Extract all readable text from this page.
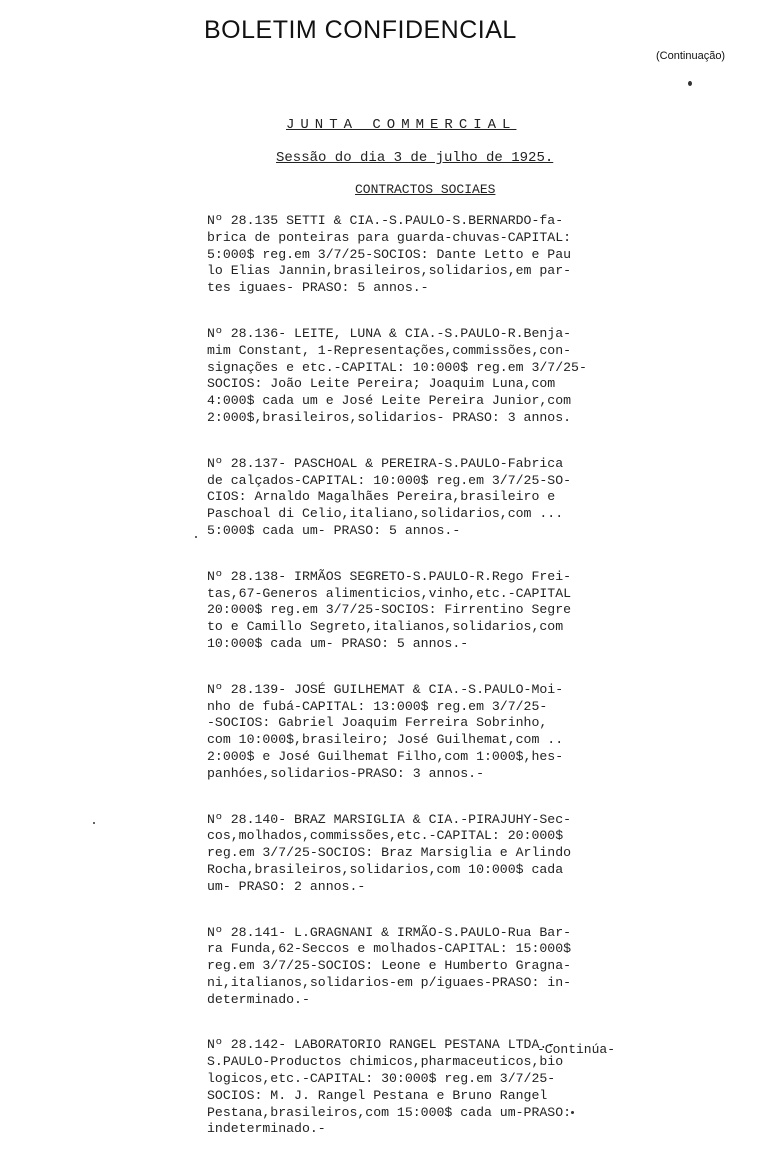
BOLETIM CONFIDENCIAL
(Continuação)
JUNTA COMMERCIAL
Sessão do dia 3 de julho de 1925.
CONTRACTOS SOCIAES
Nº 28.135 SETTI & CIA.-S.PAULO-S.BERNARDO-fa-
brica de ponteiras para guarda-chuvas-CAPITAL:
5:000$ reg.em 3/7/25-SOCIOS: Dante Letto e Pau
lo Elias Jannin,brasileiros,solidarios,em par-
tes iguaes- PRASO: 5 annos.-
Nº 28.136- LEITE, LUNA & CIA.-S.PAULO-R.Benja-
mim Constant, 1-Representações,commissões,con-
signações e etc.-CAPITAL: 10:000$ reg.em 3/7/25-
SOCIOS: João Leite Pereira; Joaquim Luna,com
4:000$ cada um e José Leite Pereira Junior,com
2:000$,brasileiros,solidarios- PRASO: 3 annos.
Nº 28.137- PASCHOAL & PEREIRA-S.PAULO-Fabrica
de calçados-CAPITAL: 10:000$ reg.em 3/7/25-SO-
CIOS: Arnaldo Magalhães Pereira,brasileiro e
Paschoal di Celio,italiano,solidarios,com ...
5:000$ cada um- PRASO: 5 annos.-
Nº 28.138- IRMÃOS SEGRETO-S.PAULO-R.Rego Frei-
tas,67-Generos alimenticios,vinho,etc.-CAPITAL
20:000$ reg.em 3/7/25-SOCIOS: Firrentino Segre
to e Camillo Segreto,italianos,solidarios,com
10:000$ cada um- PRASO: 5 annos.-
Nº 28.139- JOSÉ GUILHEMAT & CIA.-S.PAULO-Moi-
nho de fubá-CAPITAL: 13:000$ reg.em 3/7/25-
-SOCIOS: Gabriel Joaquim Ferreira Sobrinho,
com 10:000$,brasileiro; José Guilhemat,com ..
2:000$ e José Guilhemat Filho,com 1:000$,hes-
panhóes,solidarios-PRASO: 3 annos.-
Nº 28.140- BRAZ MARSIGLIA & CIA.-PIRAJUHY-Sec-
cos,molhados,commissões,etc.-CAPITAL: 20:000$
reg.em 3/7/25-SOCIOS: Braz Marsiglia e Arlindo
Rocha,brasileiros,solidarios,com 10:000$ cada
um- PRASO: 2 annos.-
Nº 28.141- L.GRAGNANI & IRMÃO-S.PAULO-Rua Bar-
ra Funda,62-Seccos e molhados-CAPITAL: 15:000$
reg.em 3/7/25-SOCIOS: Leone e Humberto Gragna-
ni,italianos,solidarios-em p/iguaes-PRASO: in-
determinado.-
Nº 28.142- LABORATORIO RANGEL PESTANA LTDA.-
S.PAULO-Productos chimicos,pharmaceuticos,bio
logicos,etc.-CAPITAL: 30:000$ reg.em 3/7/25-
SOCIOS: M. J. Rangel Pestana e Bruno Rangel
Pestana,brasileiros,com 15:000$ cada um-PRASO:
indeterminado.-
-Continúa-
